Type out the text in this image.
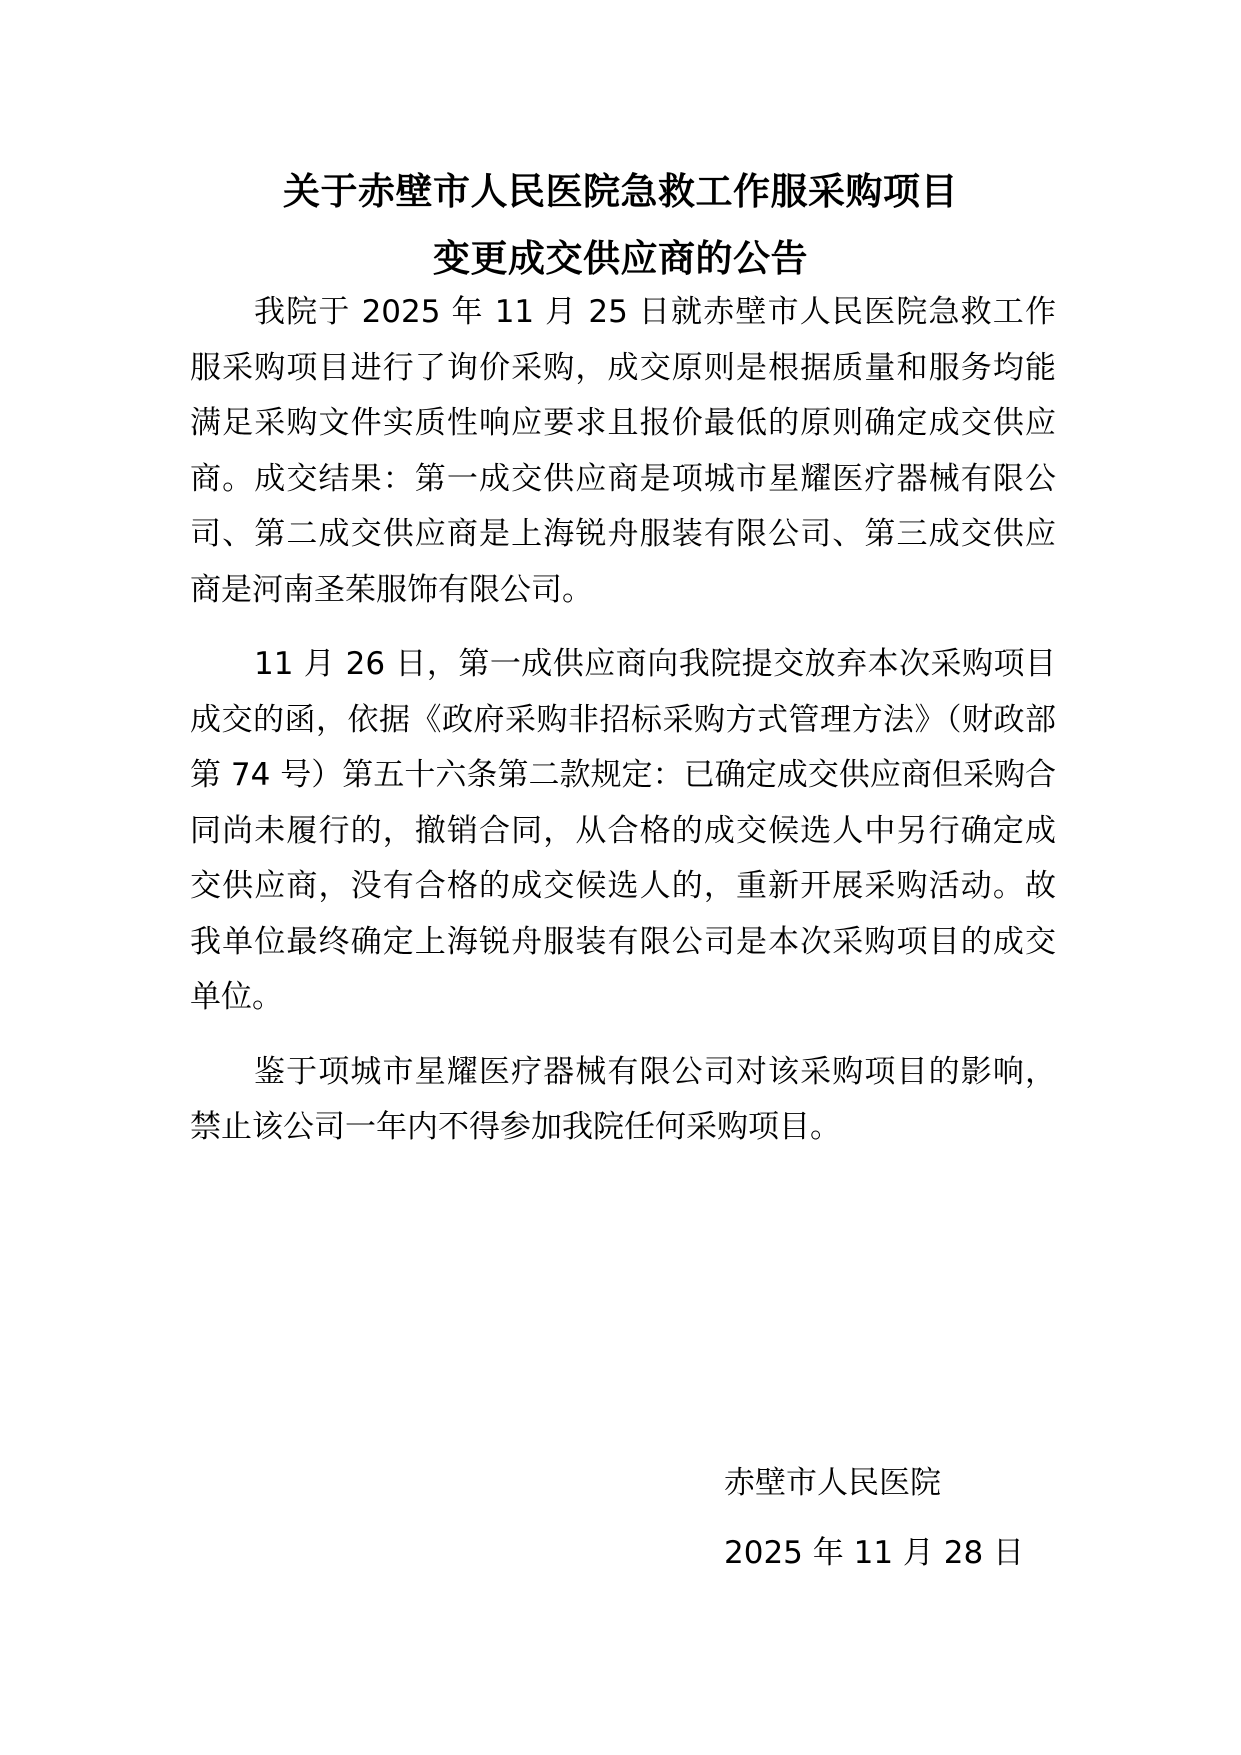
关于赤壁市人民医院急救工作服采购项目
变更成交供应商的公告

我院于 2025 年 11 月 25 日就赤壁市人民医院急救工作服采购项目进行了询价采购，成交原则是根据质量和服务均能满足采购文件实质性响应要求且报价最低的原则确定成交供应商。成交结果：第一成交供应商是项城市星耀医疗器械有限公司、第二成交供应商是上海锐舟服装有限公司、第三成交供应商是河南圣茱服饰有限公司。

11 月 26 日，第一成供应商向我院提交放弃本次采购项目成交的函，依据《政府采购非招标采购方式管理方法》（财政部第 74 号）第五十六条第二款规定：已确定成交供应商但采购合同尚未履行的，撤销合同，从合格的成交候选人中另行确定成交供应商，没有合格的成交候选人的，重新开展采购活动。故我单位最终确定上海锐舟服装有限公司是本次采购项目的成交单位。

鉴于项城市星耀医疗器械有限公司对该采购项目的影响，禁止该公司一年内不得参加我院任何采购项目。

赤壁市人民医院
2025 年 11 月 28 日
